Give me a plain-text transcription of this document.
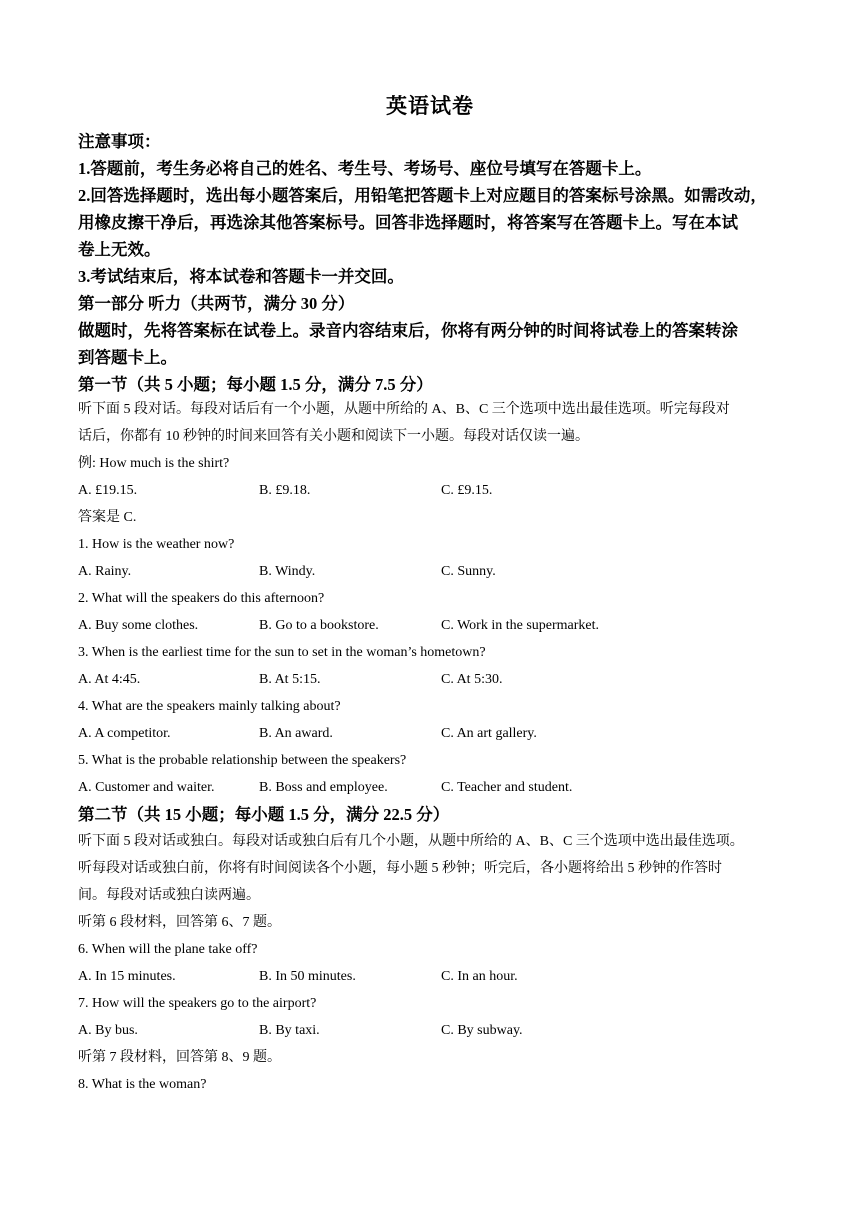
英语试卷
注意事项：
1.答题前，考生务必将自己的姓名、考生号、考场号、座位号填写在答题卡上。
2.回答选择题时，选出每小题答案后，用铅笔把答题卡上对应题目的答案标号涂黑。如需改动，
用橡皮擦干净后，再选涂其他答案标号。回答非选择题时，将答案写在答题卡上。写在本试
卷上无效。
3.考试结束后，将本试卷和答题卡一并交回。
第一部分 听力（共两节，满分 30 分）
做题时，先将答案标在试卷上。录音内容结束后，你将有两分钟的时间将试卷上的答案转涂
到答题卡上。
第一节（共 5 小题；每小题 1.5 分，满分 7.5 分）
听下面 5 段对话。每段对话后有一个小题，从题中所给的 A、B、C 三个选项中选出最佳选项。听完每段对
话后，你都有 10 秒钟的时间来回答有关小题和阅读下一小题。每段对话仅读一遍。
例: How much is the shirt?
A. £19.15.	B. £9.18.	C. £9.15.
答案是 C.
1. How is the weather now?
A. Rainy.	B. Windy.	C. Sunny.
2. What will the speakers do this afternoon?
A. Buy some clothes.	B. Go to a bookstore.	C. Work in the supermarket.
3. When is the earliest time for the sun to set in the woman’s hometown?
A. At 4:45.	B. At 5:15.	C. At 5:30.
4. What are the speakers mainly talking about?
A. A competitor.	B. An award.	C. An art gallery.
5. What is the probable relationship between the speakers?
A. Customer and waiter.	B. Boss and employee.	C. Teacher and student.
第二节（共 15 小题；每小题 1.5 分，满分 22.5 分）
听下面 5 段对话或独白。每段对话或独白后有几个小题，从题中所给的 A、B、C 三个选项中选出最佳选项。
听每段对话或独白前，你将有时间阅读各个小题，每小题 5 秒钟；听完后，各小题将给出 5 秒钟的作答时
间。每段对话或独白读两遍。
听第 6 段材料，回答第 6、7 题。
6. When will the plane take off?
A. In 15 minutes.	B. In 50 minutes.	C. In an hour.
7. How will the speakers go to the airport?
A. By bus.	B. By taxi.	C. By subway.
听第 7 段材料，回答第 8、9 题。
8. What is the woman?
